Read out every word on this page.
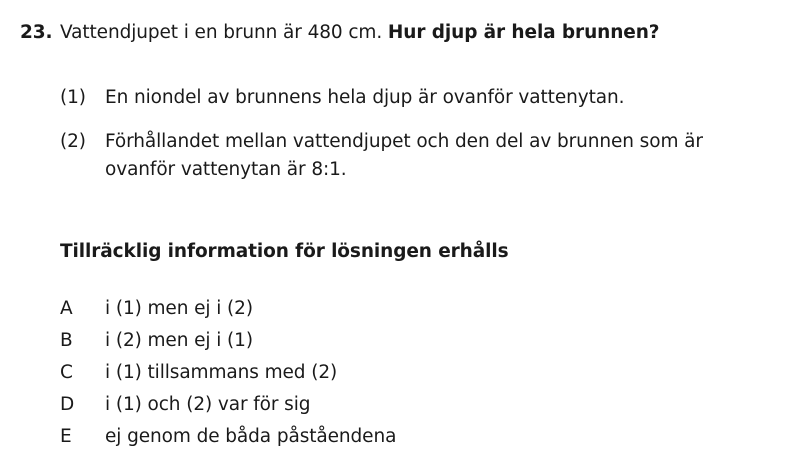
23. Vattendjupet i en brunn är 480 cm. Hur djup är hela brunnen?
(1) En niondel av brunnens hela djup är ovanför vattenytan.
(2) Förhållandet mellan vattendjupet och den del av brunnen som är ovanför vattenytan är 8:1.
Tillräcklig information för lösningen erhålls
A i (1) men ej i (2)
B i (2) men ej i (1)
C i (1) tillsammans med (2)
D i (1) och (2) var för sig
E ej genom de båda påståendena
